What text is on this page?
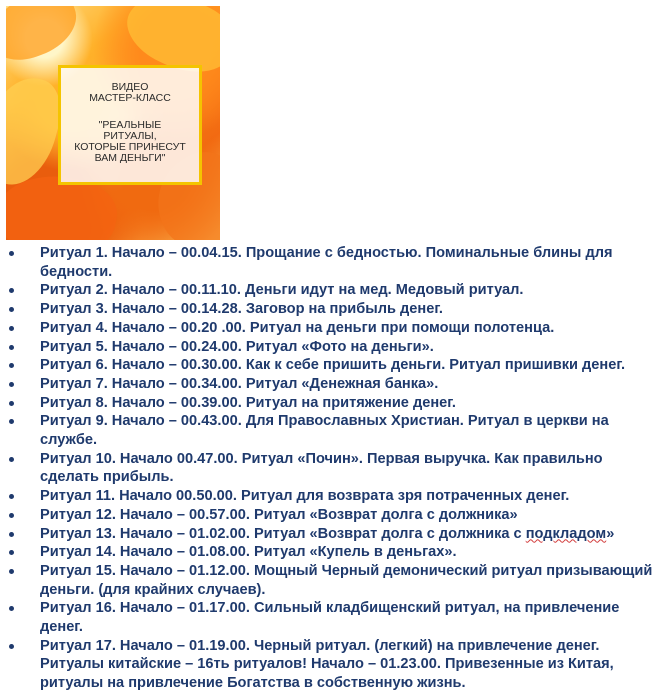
ВИДЕО
МАСТЕР-КЛАСС
"РЕАЛЬНЫЕ
РИТУАЛЫ,
КОТОРЫЕ ПРИНЕСУТ
ВАМ ДЕНЬГИ"
Ритуал 1. Начало – 00.04.15. Прощание с бедностью. Поминальные блины для бедности.
Ритуал 2. Начало – 00.11.10. Деньги идут на мед. Медовый ритуал.
Ритуал 3. Начало – 00.14.28. Заговор на прибыль денег.
Ритуал 4. Начало – 00.20 .00. Ритуал на деньги при помощи полотенца.
Ритуал 5. Начало – 00.24.00. Ритуал «Фото на деньги».
Ритуал 6. Начало – 00.30.00. Как к себе пришить деньги. Ритуал пришивки денег.
Ритуал 7. Начало – 00.34.00. Ритуал «Денежная банка».
Ритуал 8. Начало – 00.39.00. Ритуал на притяжение денег.
Ритуал 9. Начало – 00.43.00. Для Православных Христиан. Ритуал в церкви на службе.
Ритуал 10. Начало 00.47.00. Ритуал «Почин». Первая выручка. Как правильно сделать прибыль.
Ритуал 11. Начало 00.50.00. Ритуал для возврата зря потраченных денег.
Ритуал 12. Начало – 00.57.00. Ритуал «Возврат долга с должника»
Ритуал 13. Начало – 01.02.00. Ритуал «Возврат долга с должника с подкладом»
Ритуал 14. Начало – 01.08.00. Ритуал «Купель в деньгах».
Ритуал 15. Начало – 01.12.00. Мощный Черный демонический ритуал призывающий деньги. (для крайних случаев).
Ритуал 16. Начало – 01.17.00. Сильный кладбищенский ритуал, на привлечение денег.
Ритуал 17. Начало – 01.19.00. Черный ритуал. (легкий) на привлечение денег. Ритуалы китайские – 16ть ритуалов! Начало – 01.23.00. Привезенные из Китая, ритуалы на привлечение Богатства в собственную жизнь.
